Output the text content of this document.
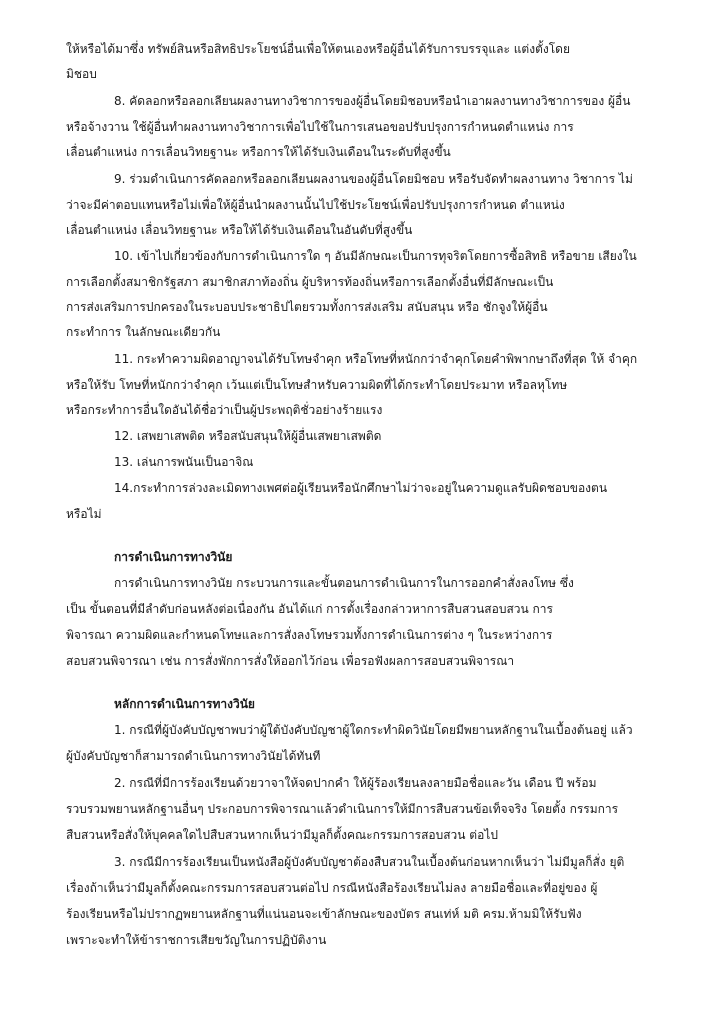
ให้หรือได้มาซึ่ง ทรัพย์สินหรือสิทธิประโยชน์อื่นเพื่อให้ตนเองหรือผู้อื่นได้รับการบรรจุและ แต่งตั้งโดย
มิชอบ
8. คัดลอกหรือลอกเลียนผลงานทางวิชาการของผู้อื่นโดยมิชอบหรือนำเอาผลงานทางวิชาการของ ผู้อื่น
หรือจ้างวาน ใช้ผู้อื่นทำผลงานทางวิชาการเพื่อไปใช้ในการเสนอขอปรับปรุงการกำหนดตำแหน่ง การ
เลื่อนตำแหน่ง การเลื่อนวิทยฐานะ หรือการให้ได้รับเงินเดือนในระดับที่สูงขึ้น
9. ร่วมดำเนินการคัดลอกหรือลอกเลียนผลงานของผู้อื่นโดยมิชอบ หรือรับจัดทำผลงานทาง วิชาการ ไม่
ว่าจะมีค่าตอบแทนหรือไม่เพื่อให้ผู้อื่นนำผลงานนั้นไปใช้ประโยชน์เพื่อปรับปรุงการกำหนด ตำแหน่ง
เลื่อนตำแหน่ง เลื่อนวิทยฐานะ หรือให้ได้รับเงินเดือนในอันดับที่สูงขึ้น
10. เข้าไปเกี่ยวข้องกับการดำเนินการใด ๆ อันมีลักษณะเป็นการทุจริตโดยการซื้อสิทธิ หรือขาย เสียงใน
การเลือกตั้งสมาชิกรัฐสภา สมาชิกสภาท้องถิ่น ผู้บริหารท้องถิ่นหรือการเลือกตั้งอื่นที่มีลักษณะเป็น
การส่งเสริมการปกครองในระบอบประชาธิปไตยรวมทั้งการส่งเสริม สนับสนุน หรือ ชักจูงให้ผู้อื่น
กระทำการ ในลักษณะเดียวกัน
11. กระทำความผิดอาญาจนได้รับโทษจำคุก หรือโทษที่หนักกว่าจำคุกโดยคำพิพากษาถึงที่สุด ให้ จำคุก
หรือให้รับ โทษที่หนักกว่าจำคุก เว้นแต่เป็นโทษสำหรับความผิดที่ได้กระทำโดยประมาท หรือลหุโทษ
หรือกระทำการอื่นใดอันได้ชื่อว่าเป็นผู้ประพฤติชั่วอย่างร้ายแรง
12. เสพยาเสพติด หรือสนับสนุนให้ผู้อื่นเสพยาเสพติด
13. เล่นการพนันเป็นอาจิณ
14.กระทำการล่วงละเมิดทางเพศต่อผู้เรียนหรือนักศึกษาไม่ว่าจะอยู่ในความดูแลรับผิดชอบของตน
หรือไม่
การดำเนินการทางวินัย
การดำเนินการทางวินัย กระบวนการและขั้นตอนการดำเนินการในการออกคำสั่งลงโทษ ซึ่ง
เป็น ขั้นตอนที่มีลำดับก่อนหลังต่อเนื่องกัน อันได้แก่ การตั้งเรื่องกล่าวหาการสืบสวนสอบสวน การ
พิจารณา ความผิดและกำหนดโทษและการสั่งลงโทษรวมทั้งการดำเนินการต่าง ๆ ในระหว่างการ
สอบสวนพิจารณา เช่น การสั่งพักการสั่งให้ออกไว้ก่อน เพื่อรอฟังผลการสอบสวนพิจารณา
หลักการดำเนินการทางวินัย
1. กรณีที่ผู้บังคับบัญชาพบว่าผู้ใต้บังคับบัญชาผู้ใดกระทำผิดวินัยโดยมีพยานหลักฐานในเบื้องต้นอยู่ แล้ว
ผู้บังคับบัญชาก็สามารถดำเนินการทางวินัยได้ทันที
2. กรณีที่มีการร้องเรียนด้วยวาจาให้จดปากคำ ให้ผู้ร้องเรียนลงลายมือชื่อและวัน เดือน ปี พร้อม
รวบรวมพยานหลักฐานอื่นๆ ประกอบการพิจารณาแล้วดำเนินการให้มีการสืบสวนข้อเท็จจริง โดยตั้ง กรรมการ
สืบสวนหรือสั่งให้บุคคลใดไปสืบสวนหากเห็นว่ามีมูลก็ตั้งคณะกรรมการสอบสวน ต่อไป
3. กรณีมีการร้องเรียนเป็นหนังสือผู้บังคับบัญชาต้องสืบสวนในเบื้องต้นก่อนหากเห็นว่า ไม่มีมูลก็สั่ง ยุติ
เรื่องถ้าเห็นว่ามีมูลก็ตั้งคณะกรรมการสอบสวนต่อไป กรณีหนังสือร้องเรียนไม่ลง ลายมือชื่อและที่อยู่ของ ผู้
ร้องเรียนหรือไม่ปรากฏพยานหลักฐานที่แน่นอนจะเข้าลักษณะของบัตร สนเท่ห์ มติ ครม.ห้ามมิให้รับฟัง
เพราะจะทำให้ข้าราชการเสียขวัญในการปฏิบัติงาน
